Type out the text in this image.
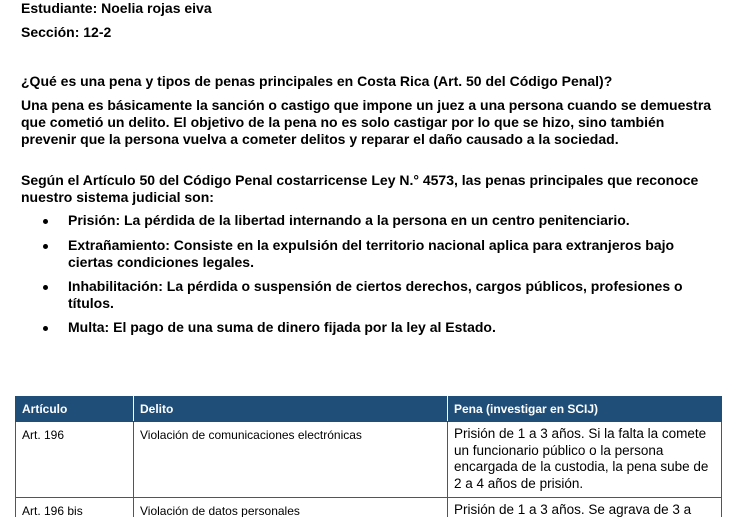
Estudiante: Noelia rojas eiva

Sección: 12-2

¿Qué es una pena y tipos de penas principales en Costa Rica (Art. 50 del Código Penal)?

Una pena es básicamente la sanción o castigo que impone un juez a una persona cuando se demuestra que cometió un delito. El objetivo de la pena no es solo castigar por lo que se hizo, sino también prevenir que la persona vuelva a cometer delitos y reparar el daño causado a la sociedad.

Según el Artículo 50 del Código Penal costarricense Ley N.° 4573, las penas principales que reconoce nuestro sistema judicial son:

Prisión: La pérdida de la libertad internando a la persona en un centro penitenciario.
Extrañamiento: Consiste en la expulsión del territorio nacional aplica para extranjeros bajo ciertas condiciones legales.
Inhabilitación: La pérdida o suspensión de ciertos derechos, cargos públicos, profesiones o títulos.
Multa: El pago de una suma de dinero fijada por la ley al Estado.
Artículo	Delito	Pena (investigar en SCIJ)
Art. 196	Violación de comunicaciones electrónicas	Prisión de 1 a 3 años. Si la falta la comete un funcionario público o la persona encargada de la custodia, la pena sube de 2 a 4 años de prisión.
Art. 196 bis	Violación de datos personales	Prisión de 1 a 3 años. Se agrava de 3 a
